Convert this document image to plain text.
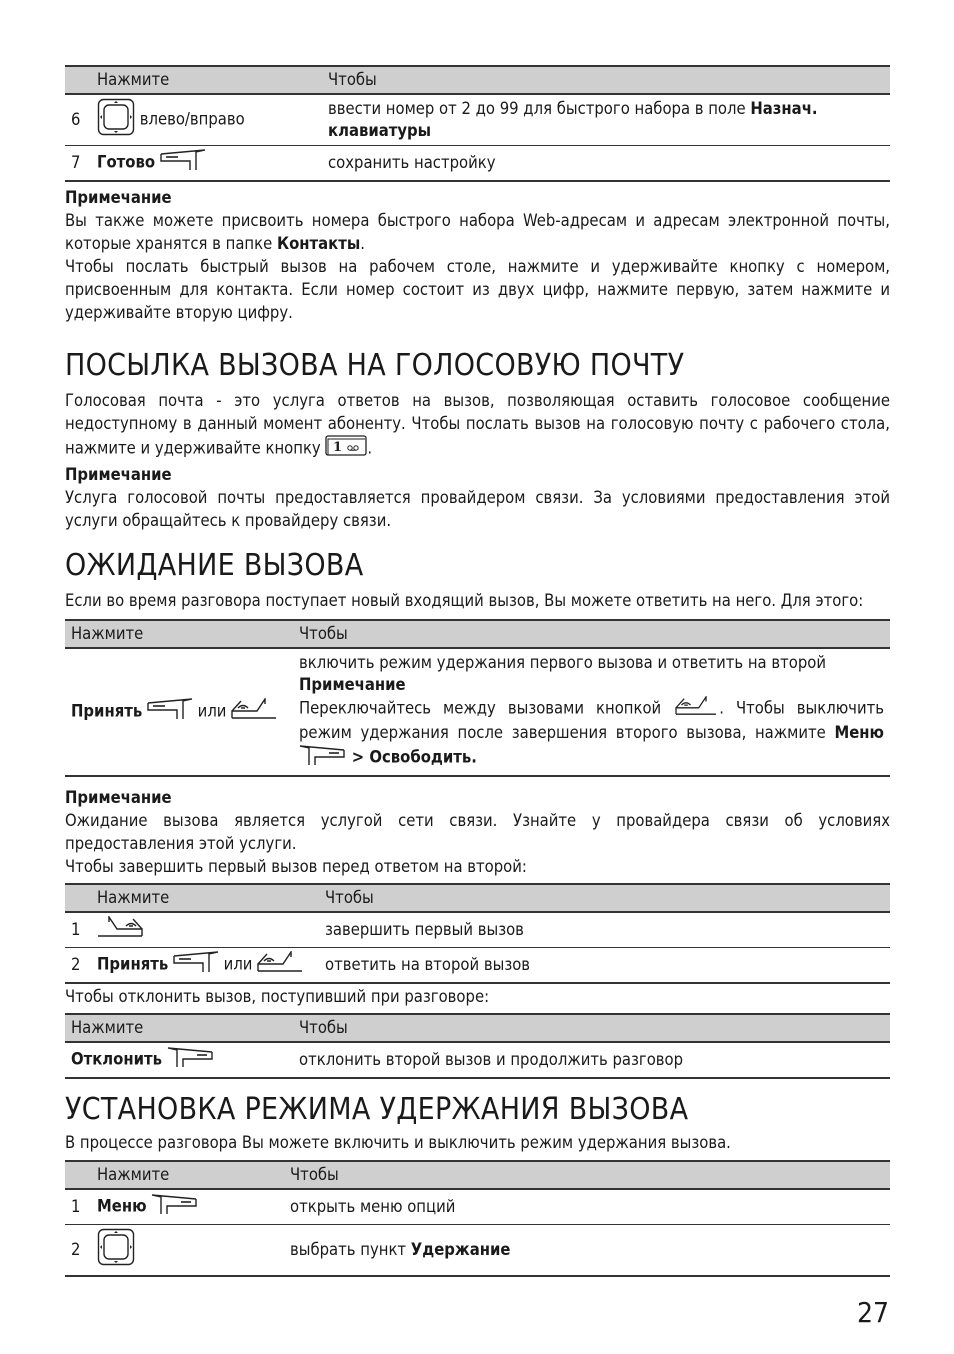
	Нажмите	Чтобы
6	влево/вправо	ввести номер от 2 до 99 для быстрого набора в поле Назнач. клавиатуры
7	Готово	сохранить настройку

Примечание

Вы также можете присвоить номера быстрого набора Web-адресам и адресам электронной почты, которые хранятся в папке Контакты.

Чтобы послать быстрый вызов на рабочем столе, нажмите и удерживайте кнопку с номером, присвоенным для контакта. Если номер состоит из двух цифр, нажмите первую, затем нажмите и удерживайте вторую цифру.

ПОСЫЛКА ВЫЗОВА НА ГОЛОСОВУЮ ПОЧТУ

Голосовая почта - это услуга ответов на вызов, позволяющая оставить голосовое сообщение недоступному в данный момент абоненту. Чтобы послать вызов на голосовую почту с рабочего стола, нажмите и удерживайте кнопку 1 .

Примечание

Услуга голосовой почты предоставляется провайдером связи. За условиями предоставления этой услуги обращайтесь к провайдеру связи.

ОЖИДАНИЕ ВЫЗОВА

Если во время разговора поступает новый входящий вызов, Вы можете ответить на него. Для этого:

Нажмите	Чтобы
Принять или	включить режим удержания первого вызова и ответить на второй
Примечание
Переключайтесь между вызовами кнопкой . Чтобы выключить режим удержания после завершения второго вызова, нажмите Меню  > Освободить.

Примечание

Ожидание вызова является услугой сети связи. Узнайте у провайдера связи об условиях предоставления этой услуги.

Чтобы завершить первый вызов перед ответом на второй:

	Нажмите	Чтобы
1		завершить первый вызов
2	Принять или	ответить на второй вызов

Чтобы отклонить вызов, поступивший при разговоре:

Нажмите	Чтобы
Отклонить	отклонить второй вызов и продолжить разговор
УСТАНОВКА РЕЖИМА УДЕРЖАНИЯ ВЫЗОВА

В процессе разговора Вы можете включить и выключить режим удержания вызова.

	Нажмите	Чтобы
1	Меню	открыть меню опций
2		выбрать пункт Удержание
27
